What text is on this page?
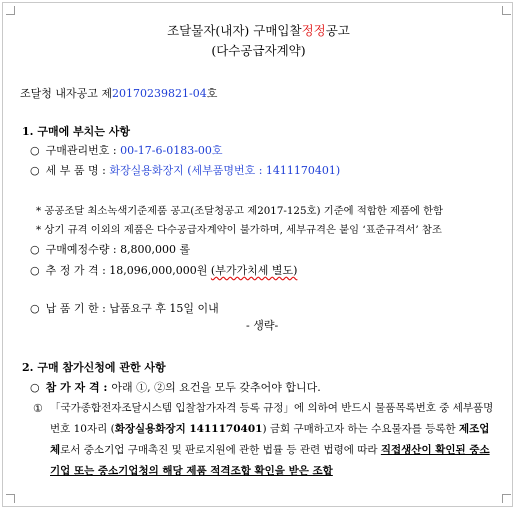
조달물자(내자) 구매입찰정정공고
(다수공급자계약)
조달청 내자공고 제20170239821-04호
1. 구매에 부치는 사항
○ 구매관리번호 : 00-17-6-0183-00호
○ 세 부 품 명 : 화장실용화장지 (세부품명번호 : 1411170401)
* 공공조달 최소녹색기준제품 공고(조달청공고 제2017-125호) 기준에 적합한 제품에 한함
* 상기 규격 이외의 제품은 다수공급자계약이 불가하며, 세부규격은 붙임 ‘표준규격서’ 참조
○ 구매예정수량 : 8,800,000 롤
○ 추 정 가 격 : 18,096,000,000원 (부가가치세 별도)
○ 납 품 기 한 : 납품요구 후 15일 이내
- 생략-
2. 구매 참가신청에 관한 사항
○ 참 가 자 격 : 아래 ①, ②의 요건을 모두 갖추어야 합니다.
① 「국가종합전자조달시스템 입찰참가자격 등록 규정」에 의하여 반드시 물품목록번호 중 세부품명번호 10자리 (화장실용화장지 1411170401) 금회 구매하고자 하는 수요물자를 등록한 제조업체로서 중소기업 구매촉진 및 판로지원에 관한 법률 등 관련 법령에 따라 직접생산이 확인된 중소기업 또는 중소기업청의 해당 제품 적격조합 확인을 받은 조합
